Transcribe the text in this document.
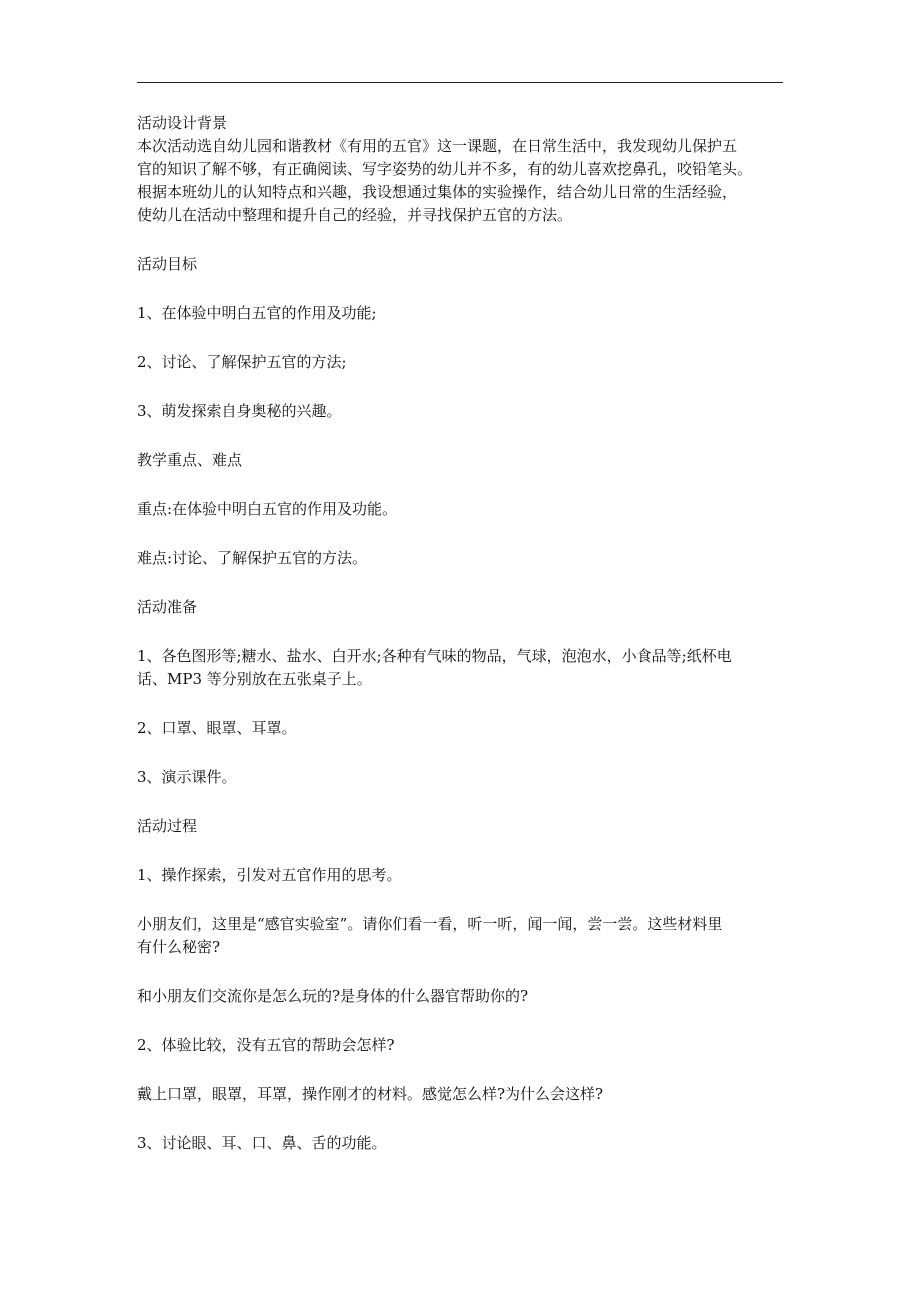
活动设计背景

本次活动选自幼儿园和谐教材《有用的五官》这一课题，在日常生活中，我发现幼儿保护五

官的知识了解不够，有正确阅读、写字姿势的幼儿并不多，有的幼儿喜欢挖鼻孔，咬铅笔头。

根据本班幼儿的认知特点和兴趣，我设想通过集体的实验操作，结合幼儿日常的生活经验，

使幼儿在活动中整理和提升自己的经验，并寻找保护五官的方法。

活动目标

1、在体验中明白五官的作用及功能;

2、讨论、了解保护五官的方法;

3、萌发探索自身奥秘的兴趣。

教学重点、难点

重点:在体验中明白五官的作用及功能。

难点:讨论、了解保护五官的方法。

活动准备

1、各色图形等;糖水、盐水、白开水;各种有气味的物品，气球，泡泡水，小食品等;纸杯电

话、MP3 等分别放在五张桌子上。

2、口罩、眼罩、耳罩。

3、演示课件。

活动过程

1、操作探索，引发对五官作用的思考。

小朋友们，这里是“感官实验室”。请你们看一看，听一听，闻一闻，尝一尝。这些材料里

有什么秘密?

和小朋友们交流你是怎么玩的?是身体的什么器官帮助你的?

2、体验比较，没有五官的帮助会怎样?

戴上口罩，眼罩，耳罩，操作刚才的材料。感觉怎么样?为什么会这样?

3、讨论眼、耳、口、鼻、舌的功能。
